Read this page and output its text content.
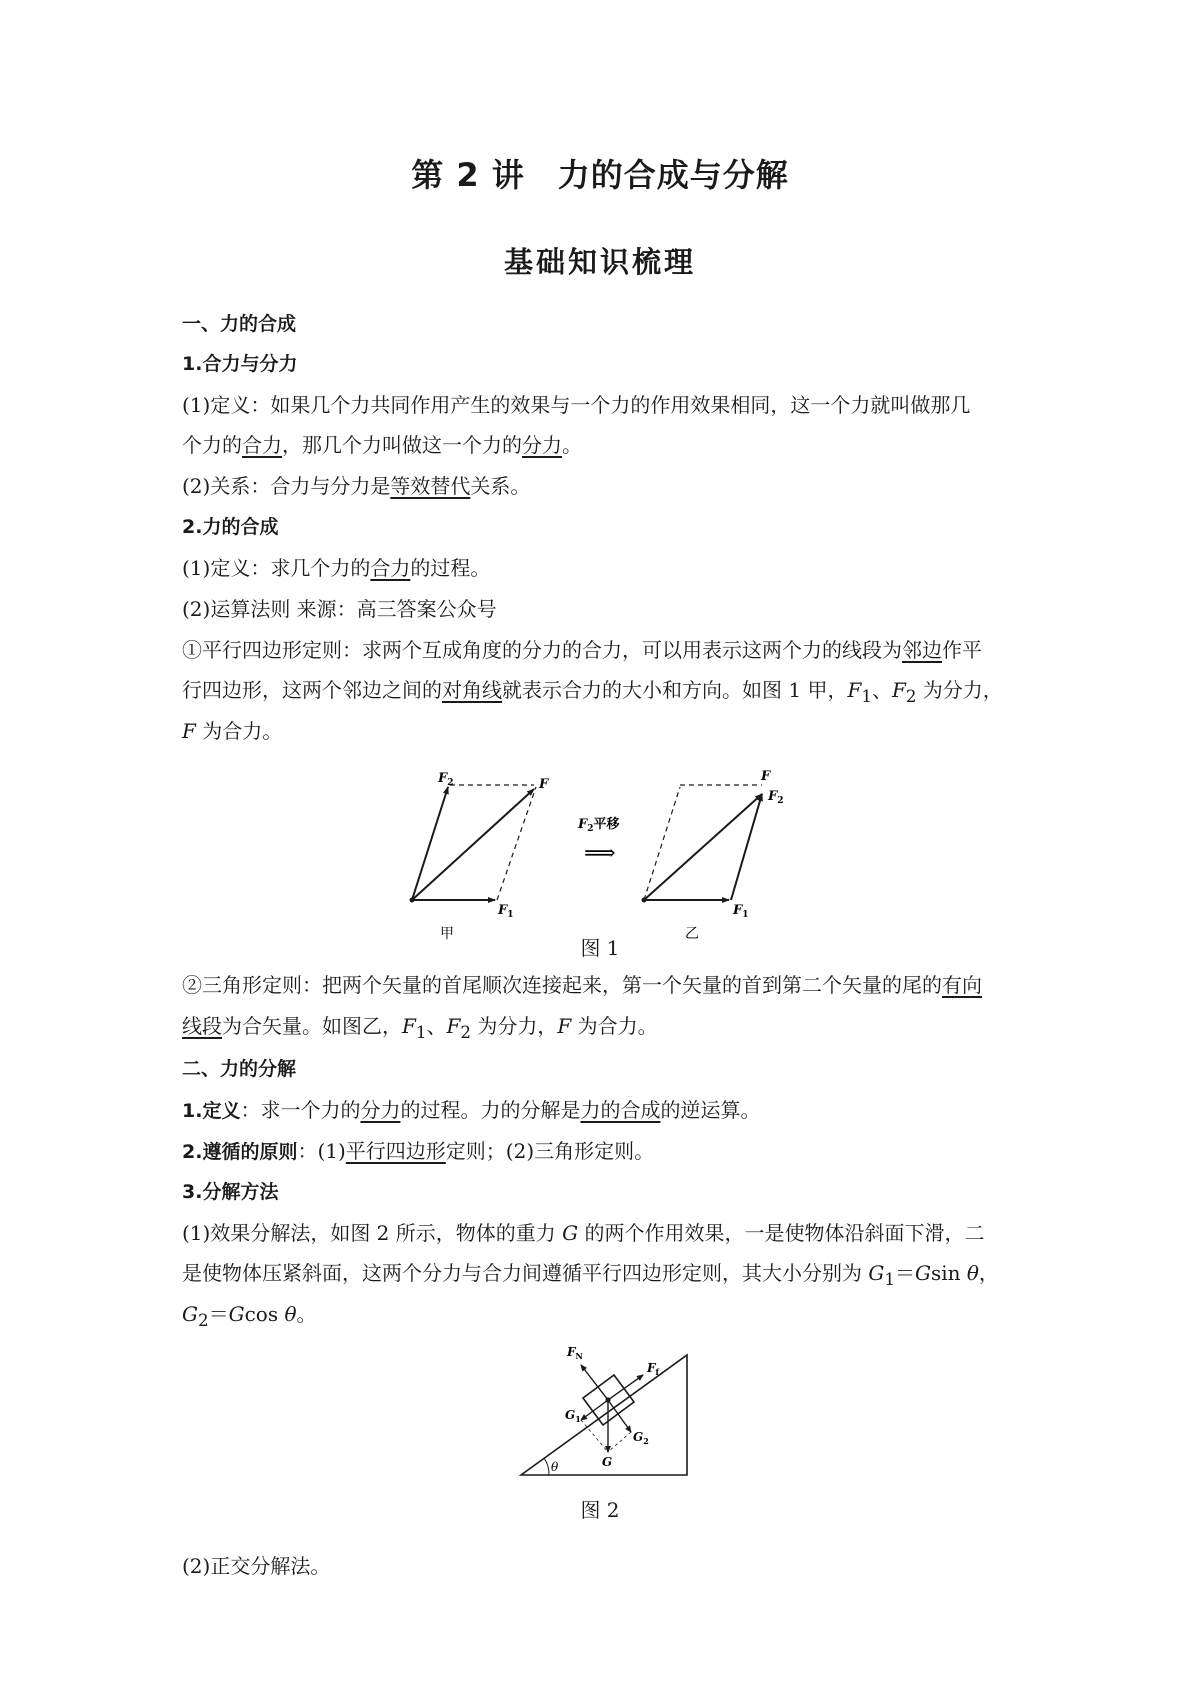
第 2 讲　力的合成与分解
基础知识梳理
一、力的合成
1.合力与分力
(1)定义：如果几个力共同作用产生的效果与一个力的作用效果相同，这一个力就叫做那几
个力的合力，那几个力叫做这一个力的分力。
(2)关系：合力与分力是等效替代关系。
2.力的合成
(1)定义：求几个力的合力的过程。
(2)运算法则 来源：高三答案公众号
①平行四边形定则：求两个互成角度的分力的合力，可以用表示这两个力的线段为邻边作平
行四边形，这两个邻边之间的对角线就表示合力的大小和方向。如图 1 甲，$F_1$、$F_2$ 为分力，
F 为合力。
$F_2$	F
$F_1$
甲
$F_2$平移
⟹
F
$F_2$
$F_1$
乙
图 1
②三角形定则：把两个矢量的首尾顺次连接起来，第一个矢量的首到第二个矢量的尾的有向
线段为合矢量。如图乙，$F_1$、$F_2$ 为分力，F 为合力。
二、力的分解
1.定义：求一个力的分力的过程。力的分解是力的合成的逆运算。
2.遵循的原则：(1)平行四边形定则；(2)三角形定则。
3.分解方法
(1)效果分解法，如图 2 所示，物体的重力 G 的两个作用效果，一是使物体沿斜面下滑，二
是使物体压紧斜面，这两个分力与合力间遵循平行四边形定则，其大小分别为 $G_1=Gsin$ θ，
$G_2=Gcos$ θ。
θ
$F_N$
$F_f$
$G_1$
$G_2$
G
图 2
(2)正交分解法。
